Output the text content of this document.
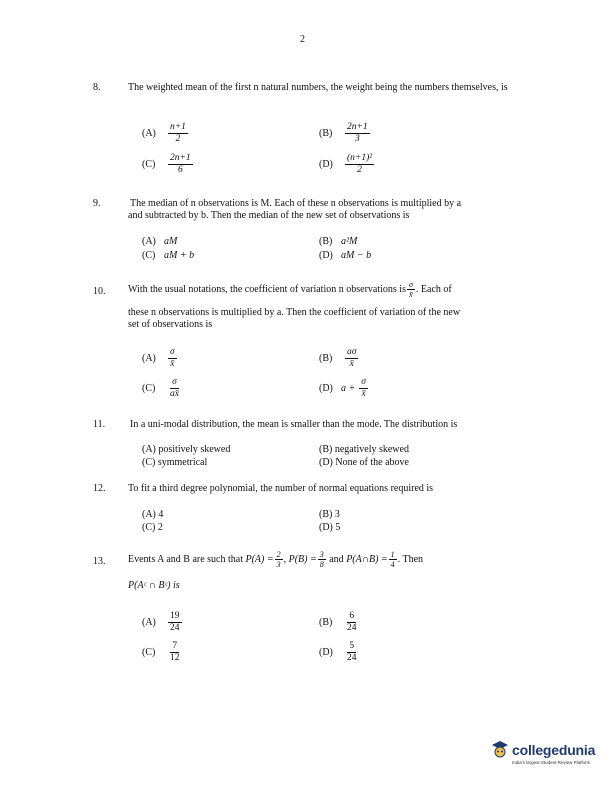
2
8.	The weighted mean of the first n natural numbers, the weight being the numbers themselves, is
$(A) \frac{n+1}{2}$	$(B) \frac{2n+1}{3}$
$(C) \frac{2n+1}{6}$	$(D) \frac{\text{(n+1)²}}{2}$
9.	The median of n observations is M. Each of these n observations is multiplied by a
and subtracted by b. Then the median of the new set of observations is
(A) aM	(B) a²M
(C) aM + b	(D) aM − b
10.	With the usual notations, the coefficient of variation n observations is $\frac{\sigma}{x̄}$ . Each of
these n observations is multiplied by a. Then the coefficient of variation of the new
set of observations is
$(A) \frac{\sigma}{x̄}$	$(B) \frac{a\sigma}{x̄}$
$(C) \frac{\sigma}{ax̄}$	(D) $a + \frac{\sigma}{x̄}$
11.	In a uni-modal distribution, the mean is smaller than the mode. The distribution is
(A) positively skewed	(B) negatively skewed
(C) symmetrical	(D) None of the above
12.	To fit a third degree polynomial, the number of normal equations required is
(A) 4	(B) 3
(C) 2	(D) 5
13.	Events A and B are such that $P(A) = \frac{2}{3}$ , $P(B) = \frac{3}{8}$ and P(A∩B) = $\frac{1}{4}$ . Then
P(Aᶜ ∩ Bᶜ) is
$(A) \frac{19}{24}$	$(B) \frac{6}{24}$
$(C) \frac{7}{12}$	$(D) \frac{5}{24}$
collegedunia
India's largest Student Review Platform
